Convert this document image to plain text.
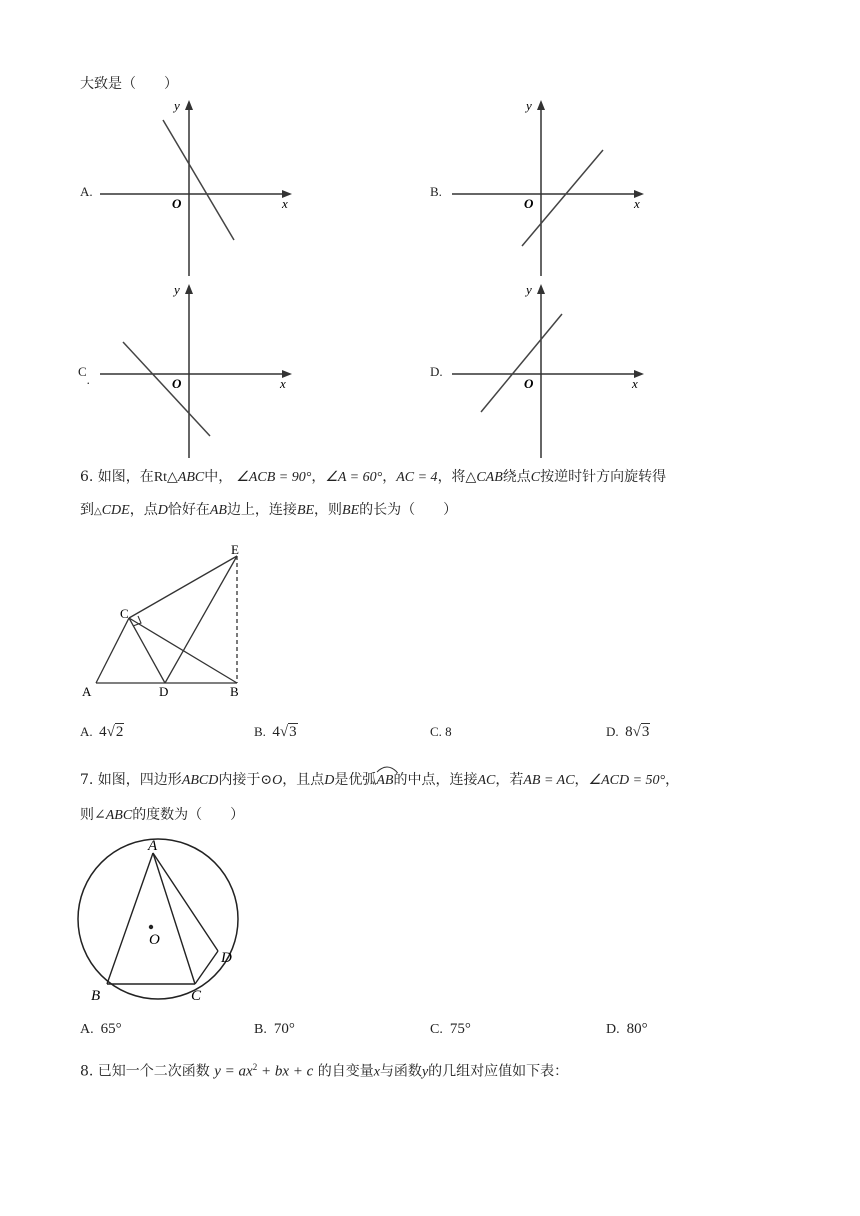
大致是（　　）
A.
y
O	x
B.
y
O	x
C.
y
O	x
D.
y
O	x
6. 如图，在Rt△ABC中， ∠ACB = 90°，∠A = 60°，AC = 4，将△CAB绕点C按逆时针方向旋转得
到△CDE，点D恰好在AB边上，连接BE，则BE的长为（　　）
A	D	B
C
E
A. 4√2	B. 4√3	C. 8	D. 8√3
7. 如图，四边形ABCD内接于⊙O，且点D是优弧
AB的中点，连接AC，若AB = AC，∠ACD = 50°，
则∠ABC的度数为（　　）
A
O
D
B	C
A. 65°	B. 70°	C. 75°	D. 80°
8. 已知一个二次函数 $y = ax^2$ + bx + c 的自变量x与函数y的几组对应值如下表：
